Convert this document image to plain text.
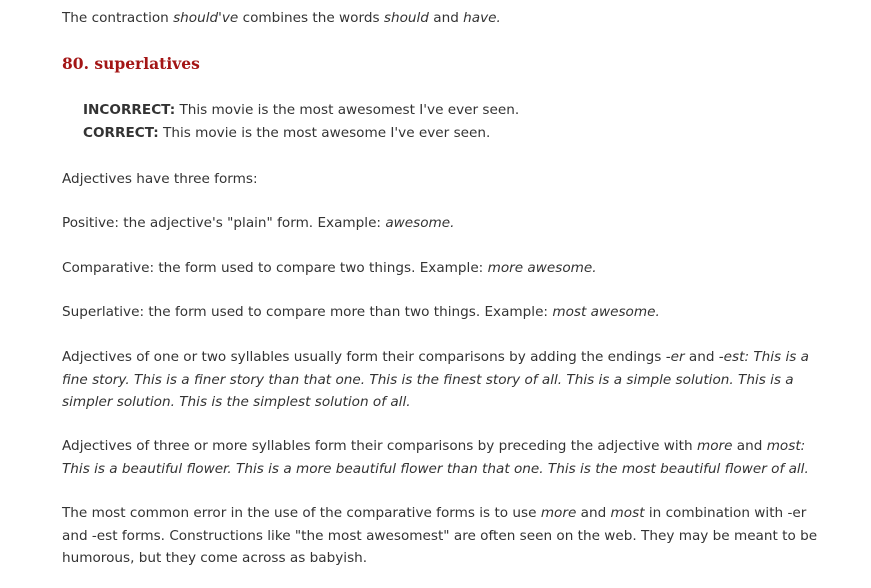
The contraction should've combines the words should and have.

80. superlatives

INCORRECT: This movie is the most awesomest I've ever seen.

CORRECT: This movie is the most awesome I've ever seen.

Adjectives have three forms:

Positive: the adjective's "plain" form. Example: awesome.

Comparative: the form used to compare two things. Example: more awesome.

Superlative: the form used to compare more than two things. Example: most awesome.

Adjectives of one or two syllables usually form their comparisons by adding the endings -er and -est: This is a fine story. This is a finer story than that one. This is the finest story of all. This is a simple solution. This is a simpler solution. This is the simplest solution of all.

Adjectives of three or more syllables form their comparisons by preceding the adjective with more and most: This is a beautiful flower. This is a more beautiful flower than that one. This is the most beautiful flower of all.

The most common error in the use of the comparative forms is to use more and most in combination with -er and -est forms. Constructions like "the most awesomest" are often seen on the web. They may be meant to be humorous, but they come across as babyish.
